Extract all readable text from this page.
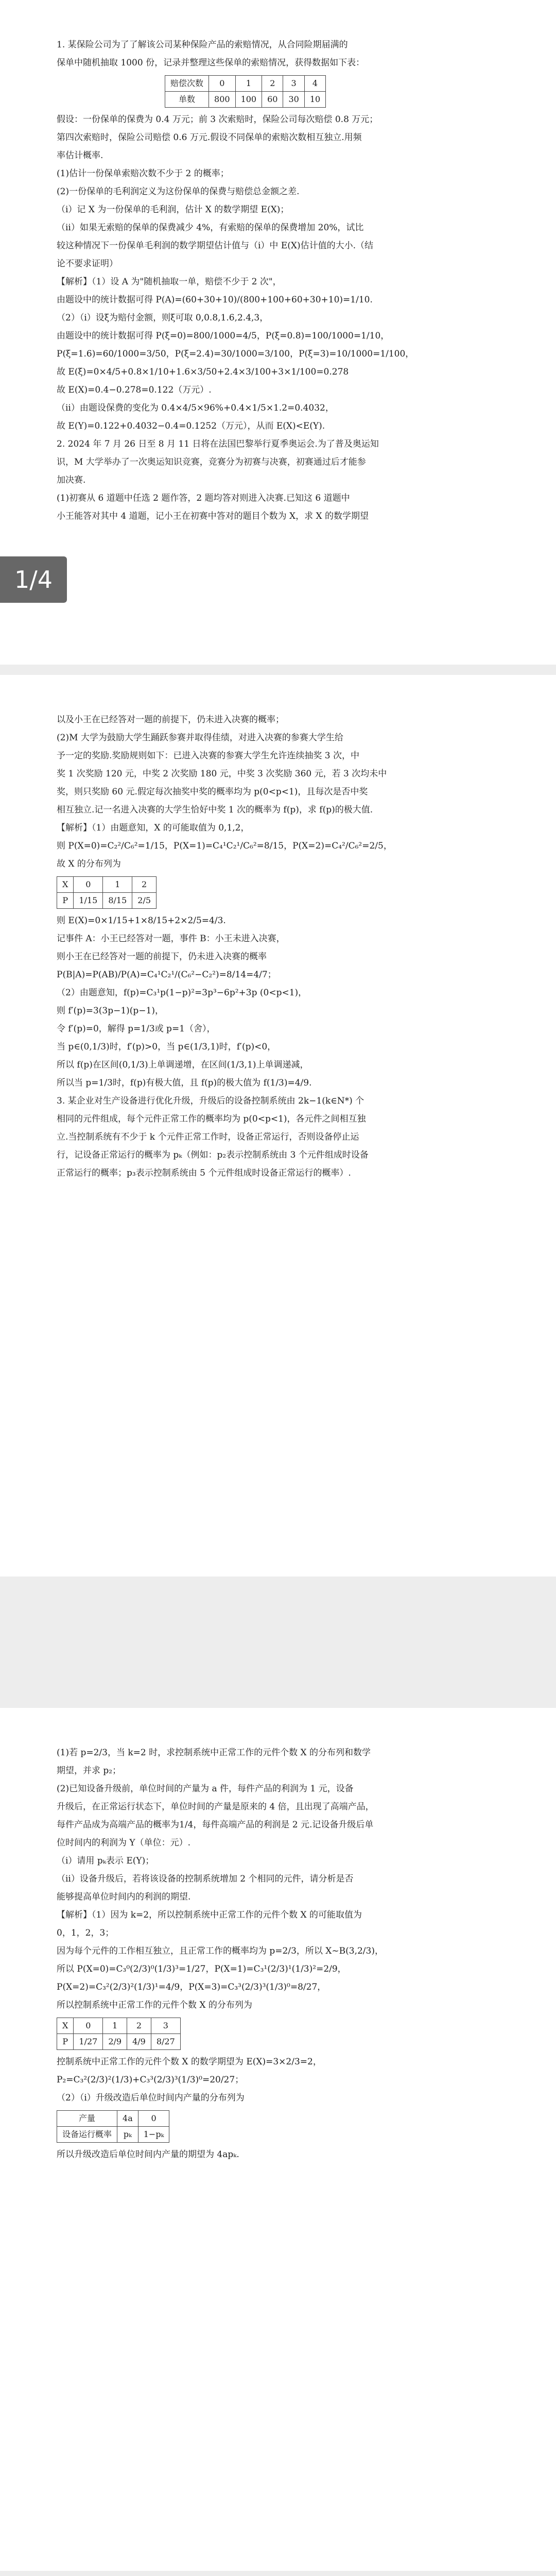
1. 某保险公司为了了解该公司某种保险产品的索赔情况，从合同险期届满的

保单中随机抽取 1000 份，记录并整理这些保单的索赔情况，获得数据如下表：

赔偿次数	0	1	2	3	4
单数	800	100	60	30	10

假设：一份保单的保费为 0.4 万元；前 3 次索赔时，保险公司每次赔偿 0.8 万元；

第四次索赔时，保险公司赔偿 0.6 万元.假设不同保单的索赔次数相互独立.用频

率估计概率.

(1)估计一份保单索赔次数不少于 2 的概率；

(2)一份保单的毛利润定义为这份保单的保费与赔偿总金额之差.

（i）记 X 为一份保单的毛利润，估计 X 的数学期望 E(X)；

（ii）如果无索赔的保单的保费减少 4%，有索赔的保单的保费增加 20%，试比

较这种情况下一份保单毛利润的数学期望估计值与（i）中 E(X)估计值的大小.（结

论不要求证明）

【解析】（1）设 A 为"随机抽取一单，赔偿不少于 2 次"，

由题设中的统计数据可得 P(A)=(60+30+10)/(800+100+60+30+10)=1/10.

（2）（i）设ξ为赔付金额，则ξ可取 0,0.8,1.6,2.4,3，

由题设中的统计数据可得 P(ξ=0)=800/1000=4/5，P(ξ=0.8)=100/1000=1/10，

P(ξ=1.6)=60/1000=3/50，P(ξ=2.4)=30/1000=3/100，P(ξ=3)=10/1000=1/100，

故 E(ξ)=0×4/5+0.8×1/10+1.6×3/50+2.4×3/100+3×1/100=0.278

故 E(X)=0.4−0.278=0.122（万元）.

（ii）由题设保费的变化为 0.4×4/5×96%+0.4×1/5×1.2=0.4032，

故 E(Y)=0.122+0.4032−0.4=0.1252（万元），从而 E(X)<E(Y).

2. 2024 年 7 月 26 日至 8 月 11 日将在法国巴黎举行夏季奥运会.为了普及奥运知

识，M 大学举办了一次奥运知识竞赛，竞赛分为初赛与决赛，初赛通过后才能参

加决赛.

(1)初赛从 6 道题中任选 2 题作答，2 题均答对则进入决赛.已知这 6 道题中

小王能答对其中 4 道题，记小王在初赛中答对的题目个数为 X，求 X 的数学期望

以及小王在已经答对一题的前提下，仍未进入决赛的概率；

(2)M 大学为鼓励大学生踊跃参赛并取得佳绩，对进入决赛的参赛大学生给

予一定的奖励.奖励规则如下：已进入决赛的参赛大学生允许连续抽奖 3 次，中

奖 1 次奖励 120 元，中奖 2 次奖励 180 元，中奖 3 次奖励 360 元，若 3 次均未中

奖，则只奖励 60 元.假定每次抽奖中奖的概率均为 p(0<p<1)，且每次是否中奖

相互独立.记一名进入决赛的大学生恰好中奖 1 次的概率为 f(p)，求 f(p)的极大值.

【解析】（1）由题意知，X 的可能取值为 0,1,2，

则 P(X=0)=C₂²/C₆²=1/15，P(X=1)=C₄¹C₂¹/C₆²=8/15，P(X=2)=C₄²/C₆²=2/5，

故 X 的分布列为

X	0	1	2
P	1/15	8/15	2/5

则 E(X)=0×1/15+1×8/15+2×2/5=4/3.

记事件 A：小王已经答对一题，事件 B：小王未进入决赛，

则小王在已经答对一题的前提下，仍未进入决赛的概率

P(B|A)=P(AB)/P(A)=C₄¹C₂¹/(C₆²−C₂²)=8/14=4/7；

（2）由题意知，f(p)=C₃¹p(1−p)²=3p³−6p²+3p (0<p<1)，

则 f′(p)=3(3p−1)(p−1)，

令 f′(p)=0，解得 p=1/3或 p=1（舍），

当 p∈(0,1/3)时，f′(p)>0，当 p∈(1/3,1)时，f′(p)<0，

所以 f(p)在区间(0,1/3)上单调递增，在区间(1/3,1)上单调递减，

所以当 p=1/3时，f(p)有极大值，且 f(p)的极大值为 f(1/3)=4/9.

3. 某企业对生产设备进行优化升级，升级后的设备控制系统由 2k−1(k∈N*) 个

相同的元件组成，每个元件正常工作的概率均为 p(0<p<1)，各元件之间相互独

立.当控制系统有不少于 k 个元件正常工作时，设备正常运行，否则设备停止运

行，记设备正常运行的概率为 pₖ（例如：p₂表示控制系统由 3 个元件组成时设备

正常运行的概率；p₃表示控制系统由 5 个元件组成时设备正常运行的概率）.

(1)若 p=2/3，当 k=2 时，求控制系统中正常工作的元件个数 X 的分布列和数学

期望，并求 p₂；

(2)已知设备升级前，单位时间的产量为 a 件，每件产品的利润为 1 元，设备

升级后，在正常运行状态下，单位时间的产量是原来的 4 倍，且出现了高端产品，

每件产品成为高端产品的概率为1/4，每件高端产品的利润是 2 元.记设备升级后单

位时间内的利润为 Y（单位：元）.

（i）请用 pₖ表示 E(Y)；

（ii）设备升级后，若将该设备的控制系统增加 2 个相同的元件，请分析是否

能够提高单位时间内的利润的期望.

【解析】（1）因为 k=2，所以控制系统中正常工作的元件个数 X 的可能取值为

0，1，2，3；

因为每个元件的工作相互独立，且正常工作的概率均为 p=2/3，所以 X~B(3,2/3)，

所以 P(X=0)=C₃⁰(2/3)⁰(1/3)³=1/27，P(X=1)=C₃¹(2/3)¹(1/3)²=2/9，

P(X=2)=C₃²(2/3)²(1/3)¹=4/9，P(X=3)=C₃³(2/3)³(1/3)⁰=8/27，

所以控制系统中正常工作的元件个数 X 的分布列为

X	0	1	2	3
P	1/27	2/9	4/9	8/27

控制系统中正常工作的元件个数 X 的数学期望为 E(X)=3×2/3=2，

P₂=C₃²(2/3)²(1/3)+C₃³(2/3)³(1/3)⁰=20/27；

（2）（i）升级改造后单位时间内产量的分布列为

产量	4a	0
设备运行概率	pₖ	1−pₖ

所以升级改造后单位时间内产量的期望为 4apₖ.

1/4
